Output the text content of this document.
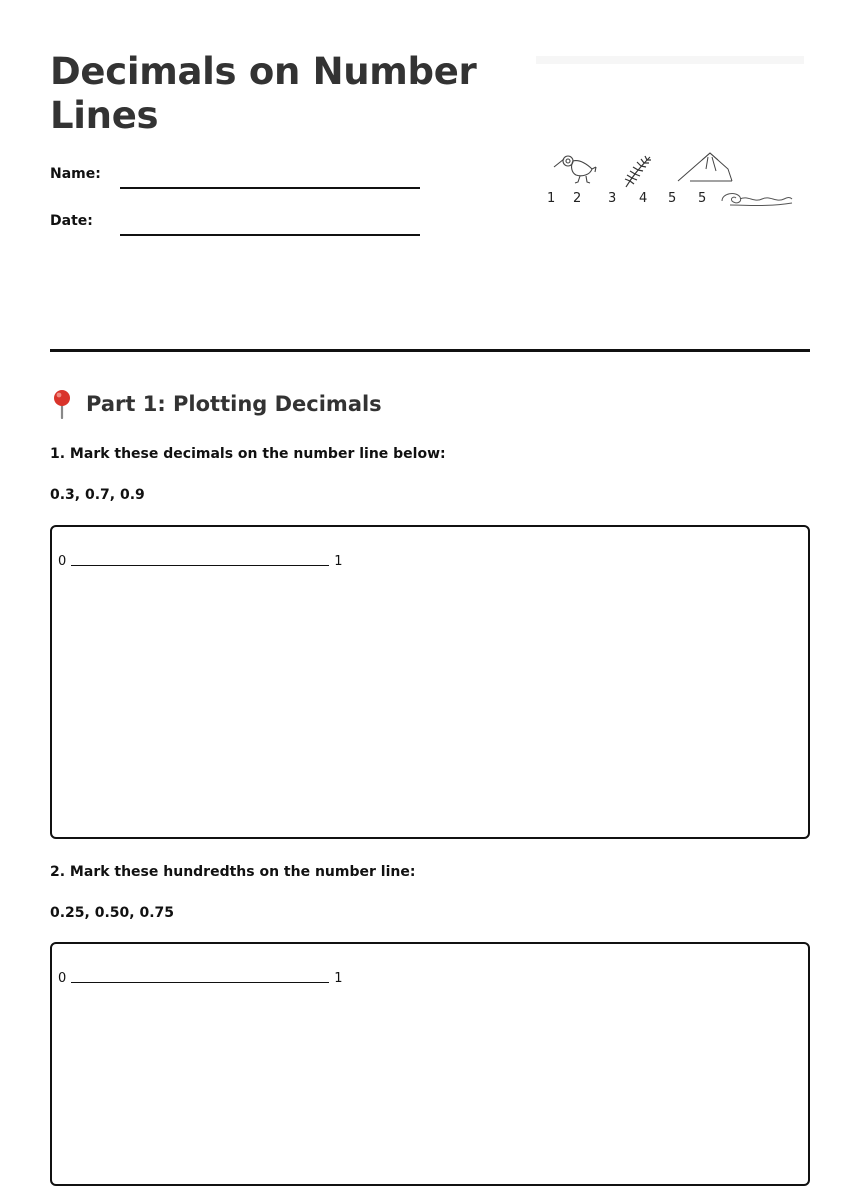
Decimals on Number Lines
Name:
Date:
1 2 3 4 5 5
Part 1: Plotting Decimals

1. Mark these decimals on the number line below:

0.3, 0.7, 0.9

0	1

2. Mark these hundredths on the number line:

0.25, 0.50, 0.75

0	1
